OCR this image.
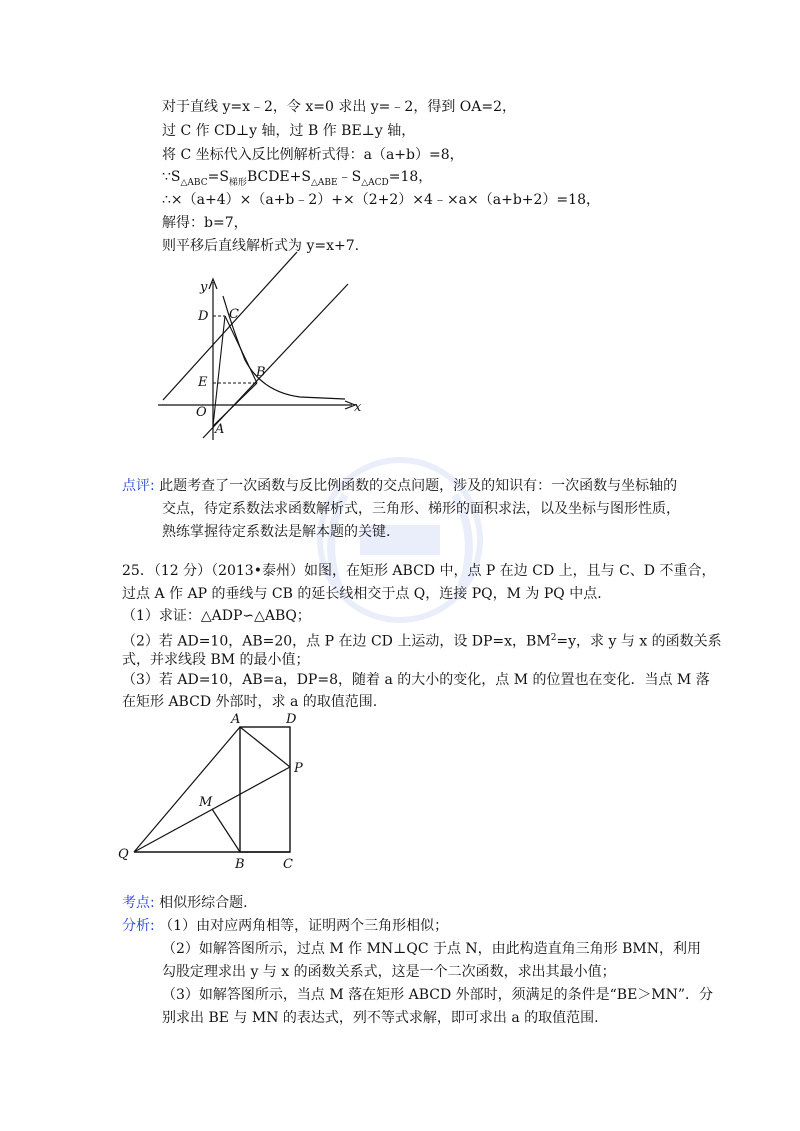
对于直线 y=x﹣2，令 x=0 求出 y=﹣2，得到 OA=2，
过 C 作 CD⊥y 轴，过 B 作 BE⊥y 轴，
将 C 坐标代入反比例解析式得：a（a+b）=8，
$\because S_{\triangle ABC}=S_{梯形}BCDE+S_{\triangle ABE}﹣S_{\triangle ACD}=18$，
∴×（a+4）×（a+b﹣2）+×（2+2）×4﹣×a×（a+b+2）=18，
解得：b=7，
则平移后直线解析式为 y=x+7.
y
x
D C
E
B
O
A
点评: 此题考查了一次函数与反比例函数的交点问题，涉及的知识有：一次函数与坐标轴的
交点，待定系数法求函数解析式，三角形、梯形的面积求法，以及坐标与图形性质，
熟练掌握待定系数法是解本题的关键.
25．（12 分）（2013•泰州）如图，在矩形 ABCD 中，点 P 在边 CD 上，且与 C、D 不重合，
过点 A 作 AP 的垂线与 CB 的延长线相交于点 Q，连接 PQ，M 为 PQ 中点．
（1）求证：△ADP∽△ABQ；
（2）若 AD=10，AB=20，点 P 在边 CD 上运动，设 DP=x，$BM^2=y$，求 y 与 x 的函数关系
式，并求线段 BM 的最小值；
（3）若 AD=10，AB=a，DP=8，随着 a 的大小的变化，点 M 的位置也在变化．当点 M 落
在矩形 ABCD 外部时，求 a 的取值范围.
A	D
P
M
Q
B	C
考点: 相似形综合题.
分析: （1）由对应两角相等，证明两个三角形相似；
（2）如解答图所示，过点 M 作 MN⊥QC 于点 N，由此构造直角三角形 BMN，利用
勾股定理求出 y 与 x 的函数关系式，这是一个二次函数，求出其最小值；
（3）如解答图所示，当点 M 落在矩形 ABCD 外部时，须满足的条件是“BE＞MN”．分
别求出 BE 与 MN 的表达式，列不等式求解，即可求出 a 的取值范围.
